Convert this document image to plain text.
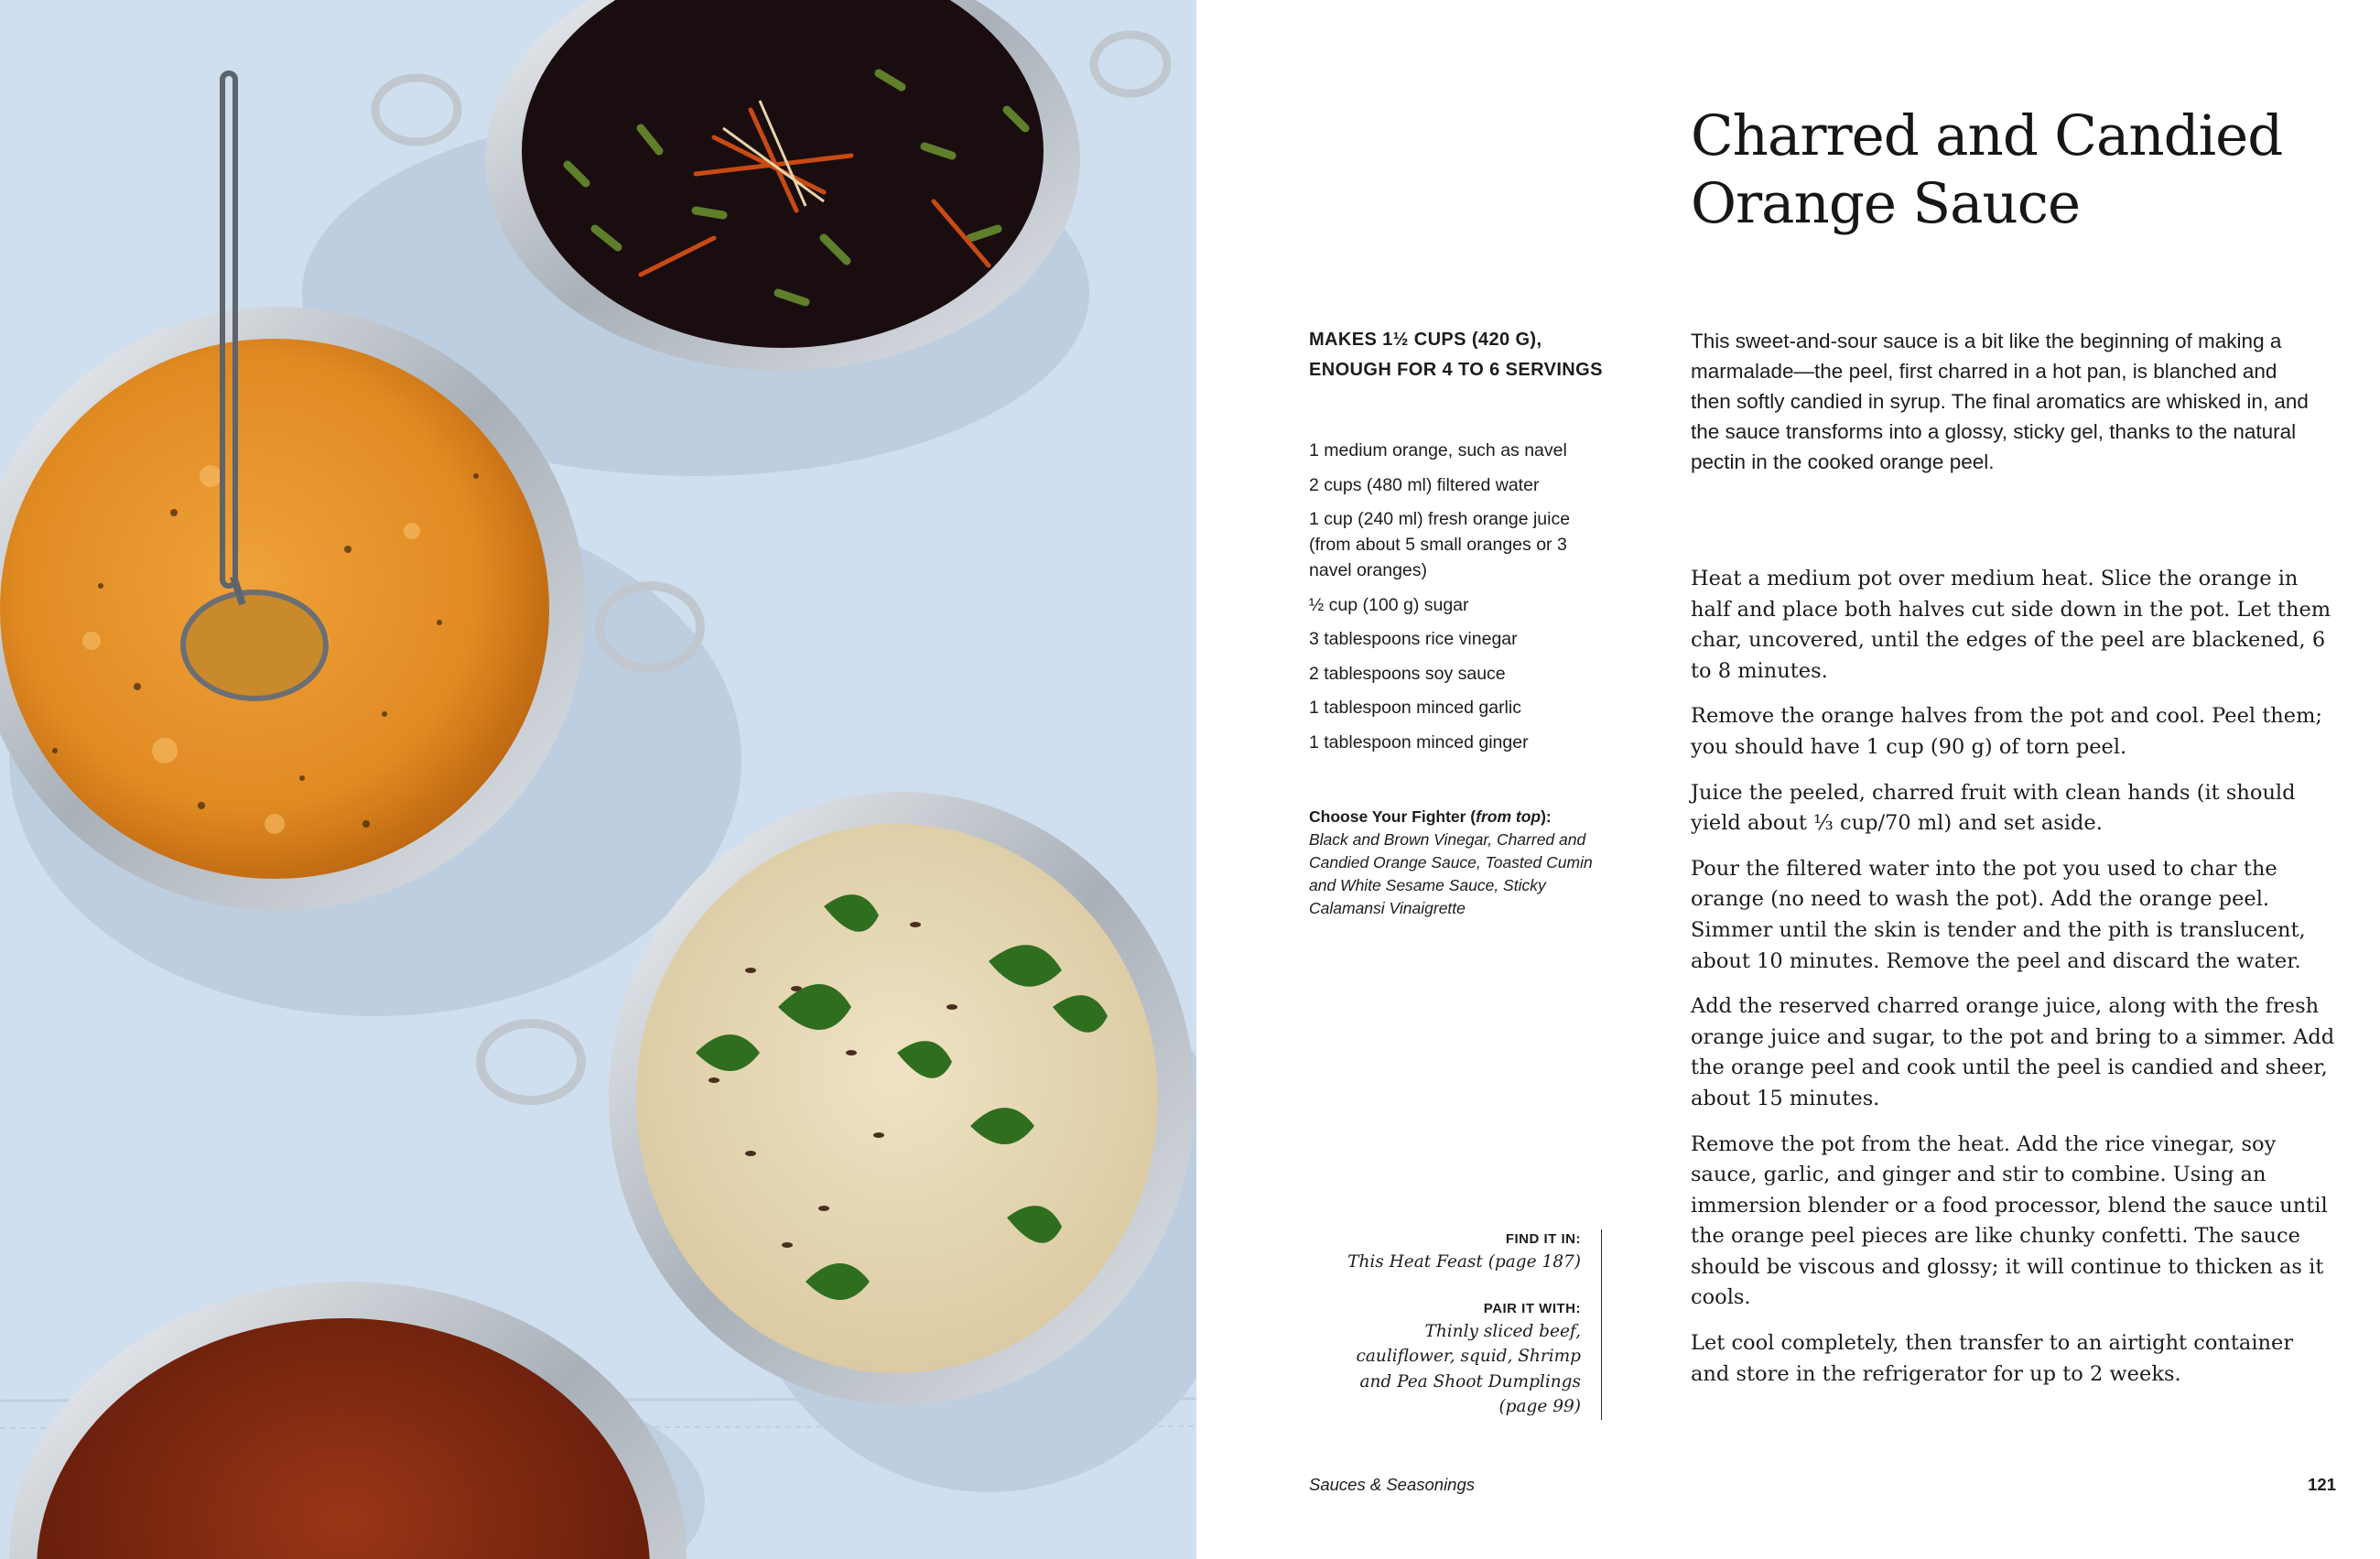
Charred and Candied
Orange Sauce
MAKES 1½ CUPS (420 G),
ENOUGH FOR 4 TO 6 SERVINGS
1 medium orange, such as navel
2 cups (480 ml) filtered water
1 cup (240 ml) fresh orange juice (from about 5 small oranges or 3 navel oranges)
½ cup (100 g) sugar
3 tablespoons rice vinegar
2 tablespoons soy sauce
1 tablespoon minced garlic
1 tablespoon minced ginger
Choose Your Fighter (from top):
Black and Brown Vinegar, Charred and Candied Orange Sauce, Toasted Cumin and White Sesame Sauce, Sticky Calamansi Vinaigrette
FIND IT IN:
This Heat Feast (page 187)
PAIR IT WITH:
Thinly sliced beef, cauliflower, squid, Shrimp and Pea Shoot Dumplings (page 99)
This sweet-and-sour sauce is a bit like the beginning of making a marmalade—the peel, first charred in a hot pan, is blanched and then softly candied in syrup. The final aromatics are whisked in, and the sauce transforms into a glossy, sticky gel, thanks to the natural pectin in the cooked orange peel.

Heat a medium pot over medium heat. Slice the orange in half and place both halves cut side down in the pot. Let them char, uncovered, until the edges of the peel are blackened, 6 to 8 minutes.

Remove the orange halves from the pot and cool. Peel them; you should have 1 cup (90 g) of torn peel.

Juice the peeled, charred fruit with clean hands (it should yield about ⅓ cup/70 ml) and set aside.

Pour the filtered water into the pot you used to char the orange (no need to wash the pot). Add the orange peel. Simmer until the skin is tender and the pith is translucent, about 10 minutes. Remove the peel and discard the water.

Add the reserved charred orange juice, along with the fresh orange juice and sugar, to the pot and bring to a simmer. Add the orange peel and cook until the peel is candied and sheer, about 15 minutes.

Remove the pot from the heat. Add the rice vinegar, soy sauce, garlic, and ginger and stir to combine. Using an immersion blender or a food processor, blend the sauce until the orange peel pieces are like chunky confetti. The sauce should be viscous and glossy; it will continue to thicken as it cools.

Let cool completely, then transfer to an airtight container and store in the refrigerator for up to 2 weeks.

Sauces & Seasonings	121
